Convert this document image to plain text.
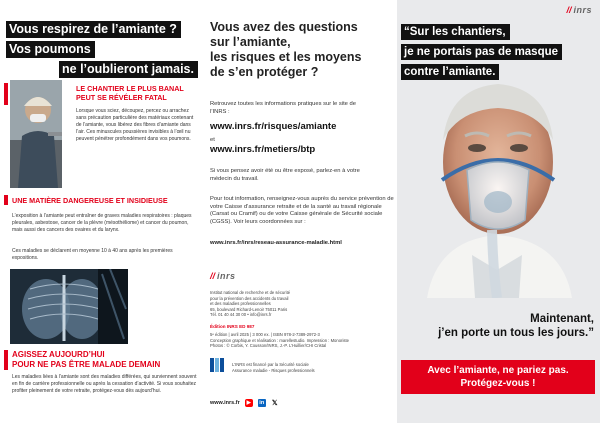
Vous respirez de l’amiante ?
Vos poumons
ne l’oublieront jamais.
LE CHANTIER LE PLUS BANAL
PEUT SE RÉVÉLER FATAL
Lorsque vous sciez, découpez, percez ou arrachez sans précaution particulière des matériaux contenant de l’amiante, vous libérez des fibres d’amiante dans l’air. Ces minuscules poussières invisibles à l’œil nu peuvent pénétrer profondément dans vos poumons.
UNE MATIÈRE DANGEREUSE ET INSIDIEUSE
L’exposition à l’amiante peut entraîner de graves maladies respiratoires : plaques pleurales, asbestose, cancer de la plèvre (mésothéliome) et cancer du poumon, mais aussi des cancers des ovaires et du larynx.
Ces maladies se déclarent en moyenne 10 à 40 ans après les premières expositions.
AGISSEZ AUJOURD’HUI
POUR NE PAS ÊTRE MALADE DEMAIN
Les maladies liées à l’amiante sont des maladies différées, qui surviennent souvent en fin de carrière professionnelle ou après la cessation d’activité. Si vous souhaitez profiter pleinement de votre retraite, protégez-vous dès aujourd’hui.
Vous avez des questions
sur l’amiante,
les risques et les moyens
de s’en protéger ?
Retrouvez toutes les informations pratiques sur le site de l’INRS :
www.inrs.fr/risques/amiante
et
www.inrs.fr/metiers/btp
Si vous pensez avoir été ou être exposé, parlez-en à votre médecin du travail.
Pour tout information, renseignez-vous auprès du service prévention de votre Caisse d’assurance retraite et de la santé au travail régionale (Carsat ou Cramif) ou de votre Caisse générale de Sécurité sociale (CGSS). Voir leurs coordonnées sur :
www.inrs.fr/inrs/reseau-assurance-maladie.html
// inrs
Institut national de recherche et de sécurité
pour la prévention des accidents du travail
et des maladies professionnelles
65, boulevard Richard-Lenoir 75011 Paris
Tél. 01 40 44 30 00 • info@inrs.fr
Édition INRS ED 987
5ᵉ édition | avril 2025 | 3 000 ex. | ISBN 978-2-7389-2972-3
Conception graphique et réalisation : marellestudio. Impression : Monoriste
Photos : © Corbis, Y. Cousson/INRS, J.-P. L’Huillier/CHI Cristal
L’INRS est financé par la Sécurité sociale
Assurance maladie - Risques professionnels
www.inrs.fr	▶	in 𝕏
// inrs
“Sur les chantiers,
je ne portais pas de masque
contre l’amiante.
Maintenant,
j’en porte un tous les jours.”
Avec l’amiante, ne pariez pas.
Protégez-vous !
